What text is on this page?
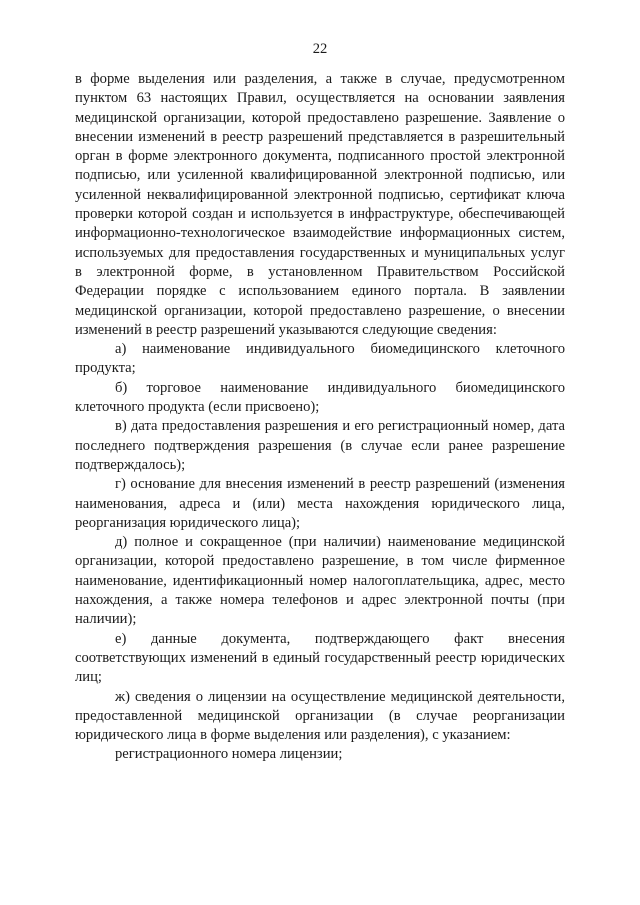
22

в форме выделения или разделения, а также в случае, предусмотренном пунктом 63 настоящих Правил, осуществляется на основании заявления медицинской организации, которой предоставлено разрешение. Заявление о внесении изменений в реестр разрешений представляется в разрешительный орган в форме электронного документа, подписанного простой электронной подписью, или усиленной квалифицированной электронной подписью, или усиленной неквалифицированной электронной подписью, сертификат ключа проверки которой создан и используется в инфраструктуре, обеспечивающей информационно-технологическое взаимодействие информационных систем, используемых для предоставления государственных и муниципальных услуг в электронной форме, в установленном Правительством Российской Федерации порядке с использованием единого портала. В заявлении медицинской организации, которой предоставлено разрешение, о внесении изменений в реестр разрешений указываются следующие сведения:

а) наименование индивидуального биомедицинского клеточного продукта;

б) торговое наименование индивидуального биомедицинского клеточного продукта (если присвоено);

в) дата предоставления разрешения и его регистрационный номер, дата последнего подтверждения разрешения (в случае если ранее разрешение подтверждалось);

г) основание для внесения изменений в реестр разрешений (изменения наименования, адреса и (или) места нахождения юридического лица, реорганизация юридического лица);

д) полное и сокращенное (при наличии) наименование медицинской организации, которой предоставлено разрешение, в том числе фирменное наименование, идентификационный номер налогоплательщика, адрес, место нахождения, а также номера телефонов и адрес электронной почты (при наличии);

е) данные документа, подтверждающего факт внесения соответствующих изменений в единый государственный реестр юридических лиц;

ж) сведения о лицензии на осуществление медицинской деятельности, предоставленной медицинской организации (в случае реорганизации юридического лица в форме выделения или разделения), с указанием:

регистрационного номера лицензии;
